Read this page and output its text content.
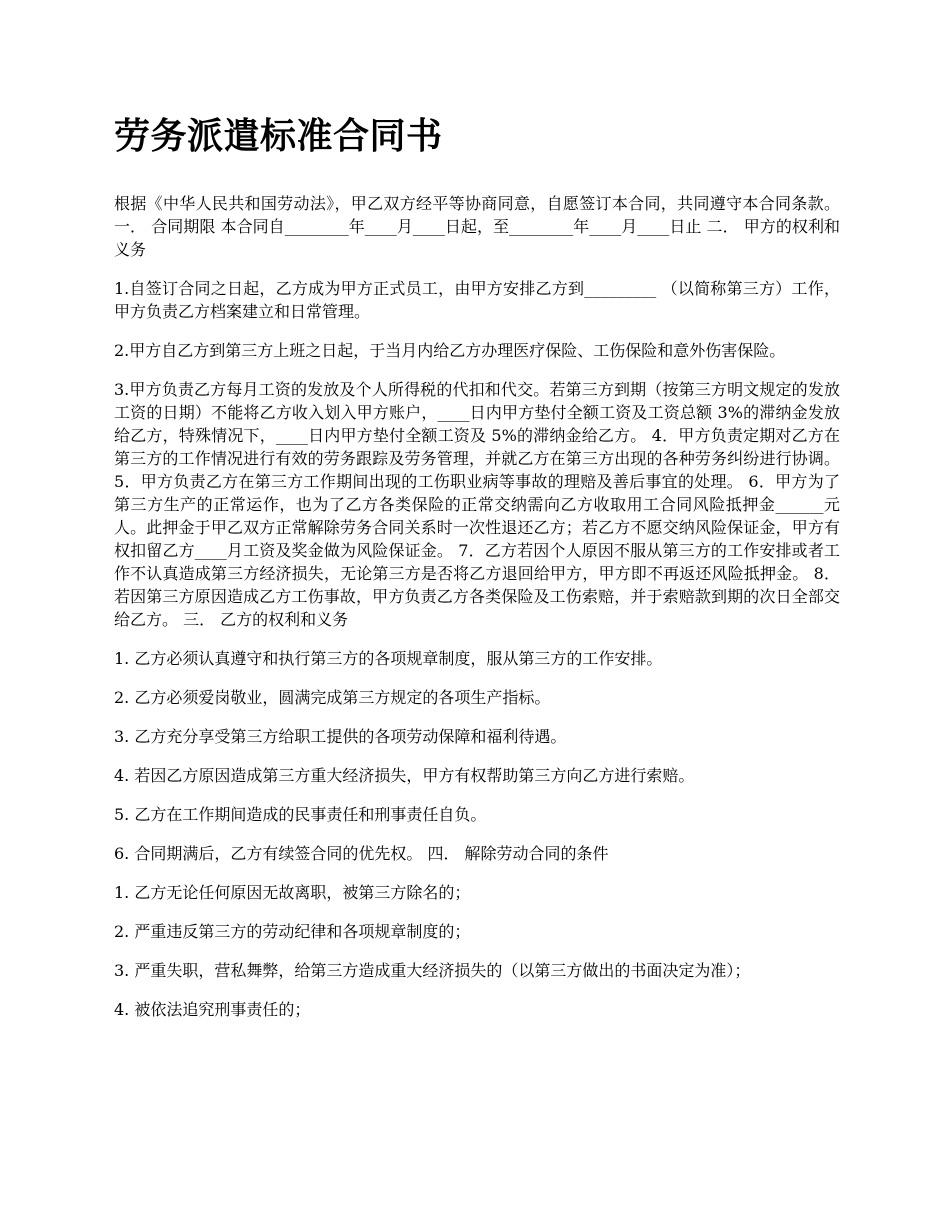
劳务派遣标准合同书

根据《中华人民共和国劳动法》，甲乙双方经平等协商同意，自愿签订本合同，共同遵守本合同条款。 一． 合同期限 本合同自________年____月____日起，至________年____月____日止 二． 甲方的权利和义务

1.自签订合同之日起，乙方成为甲方正式员工，由甲方安排乙方到_________ （以简称第三方）工作，甲方负责乙方档案建立和日常管理。

2.甲方自乙方到第三方上班之日起，于当月内给乙方办理医疗保险、工伤保险和意外伤害保险。

3.甲方负责乙方每月工资的发放及个人所得税的代扣和代交。若第三方到期（按第三方明文规定的发放工资的日期）不能将乙方收入划入甲方账户，____日内甲方垫付全额工资及工资总额 3%的滞纳金发放给乙方，特殊情况下，____日内甲方垫付全额工资及 5%的滞纳金给乙方。 4．甲方负责定期对乙方在第三方的工作情况进行有效的劳务跟踪及劳务管理，并就乙方在第三方出现的各种劳务纠纷进行协调。 5．甲方负责乙方在第三方工作期间出现的工伤职业病等事故的理赔及善后事宜的处理。 6．甲方为了第三方生产的正常运作，也为了乙方各类保险的正常交纳需向乙方收取用工合同风险抵押金______元人。此押金于甲乙双方正常解除劳务合同关系时一次性退还乙方；若乙方不愿交纳风险保证金，甲方有权扣留乙方____月工资及奖金做为风险保证金。 7．乙方若因个人原因不服从第三方的工作安排或者工作不认真造成第三方经济损失，无论第三方是否将乙方退回给甲方，甲方即不再返还风险抵押金。 8．若因第三方原因造成乙方工伤事故，甲方负责乙方各类保险及工伤索赔，并于索赔款到期的次日全部交给乙方。 三． 乙方的权利和义务

1. 乙方必须认真遵守和执行第三方的各项规章制度，服从第三方的工作安排。

2. 乙方必须爱岗敬业，圆满完成第三方规定的各项生产指标。

3. 乙方充分享受第三方给职工提供的各项劳动保障和福利待遇。

4. 若因乙方原因造成第三方重大经济损失，甲方有权帮助第三方向乙方进行索赔。

5. 乙方在工作期间造成的民事责任和刑事责任自负。

6. 合同期满后，乙方有续签合同的优先权。 四． 解除劳动合同的条件

1. 乙方无论任何原因无故离职，被第三方除名的；

2. 严重违反第三方的劳动纪律和各项规章制度的；

3. 严重失职，营私舞弊，给第三方造成重大经济损失的（以第三方做出的书面决定为准）；

4. 被依法追究刑事责任的；
